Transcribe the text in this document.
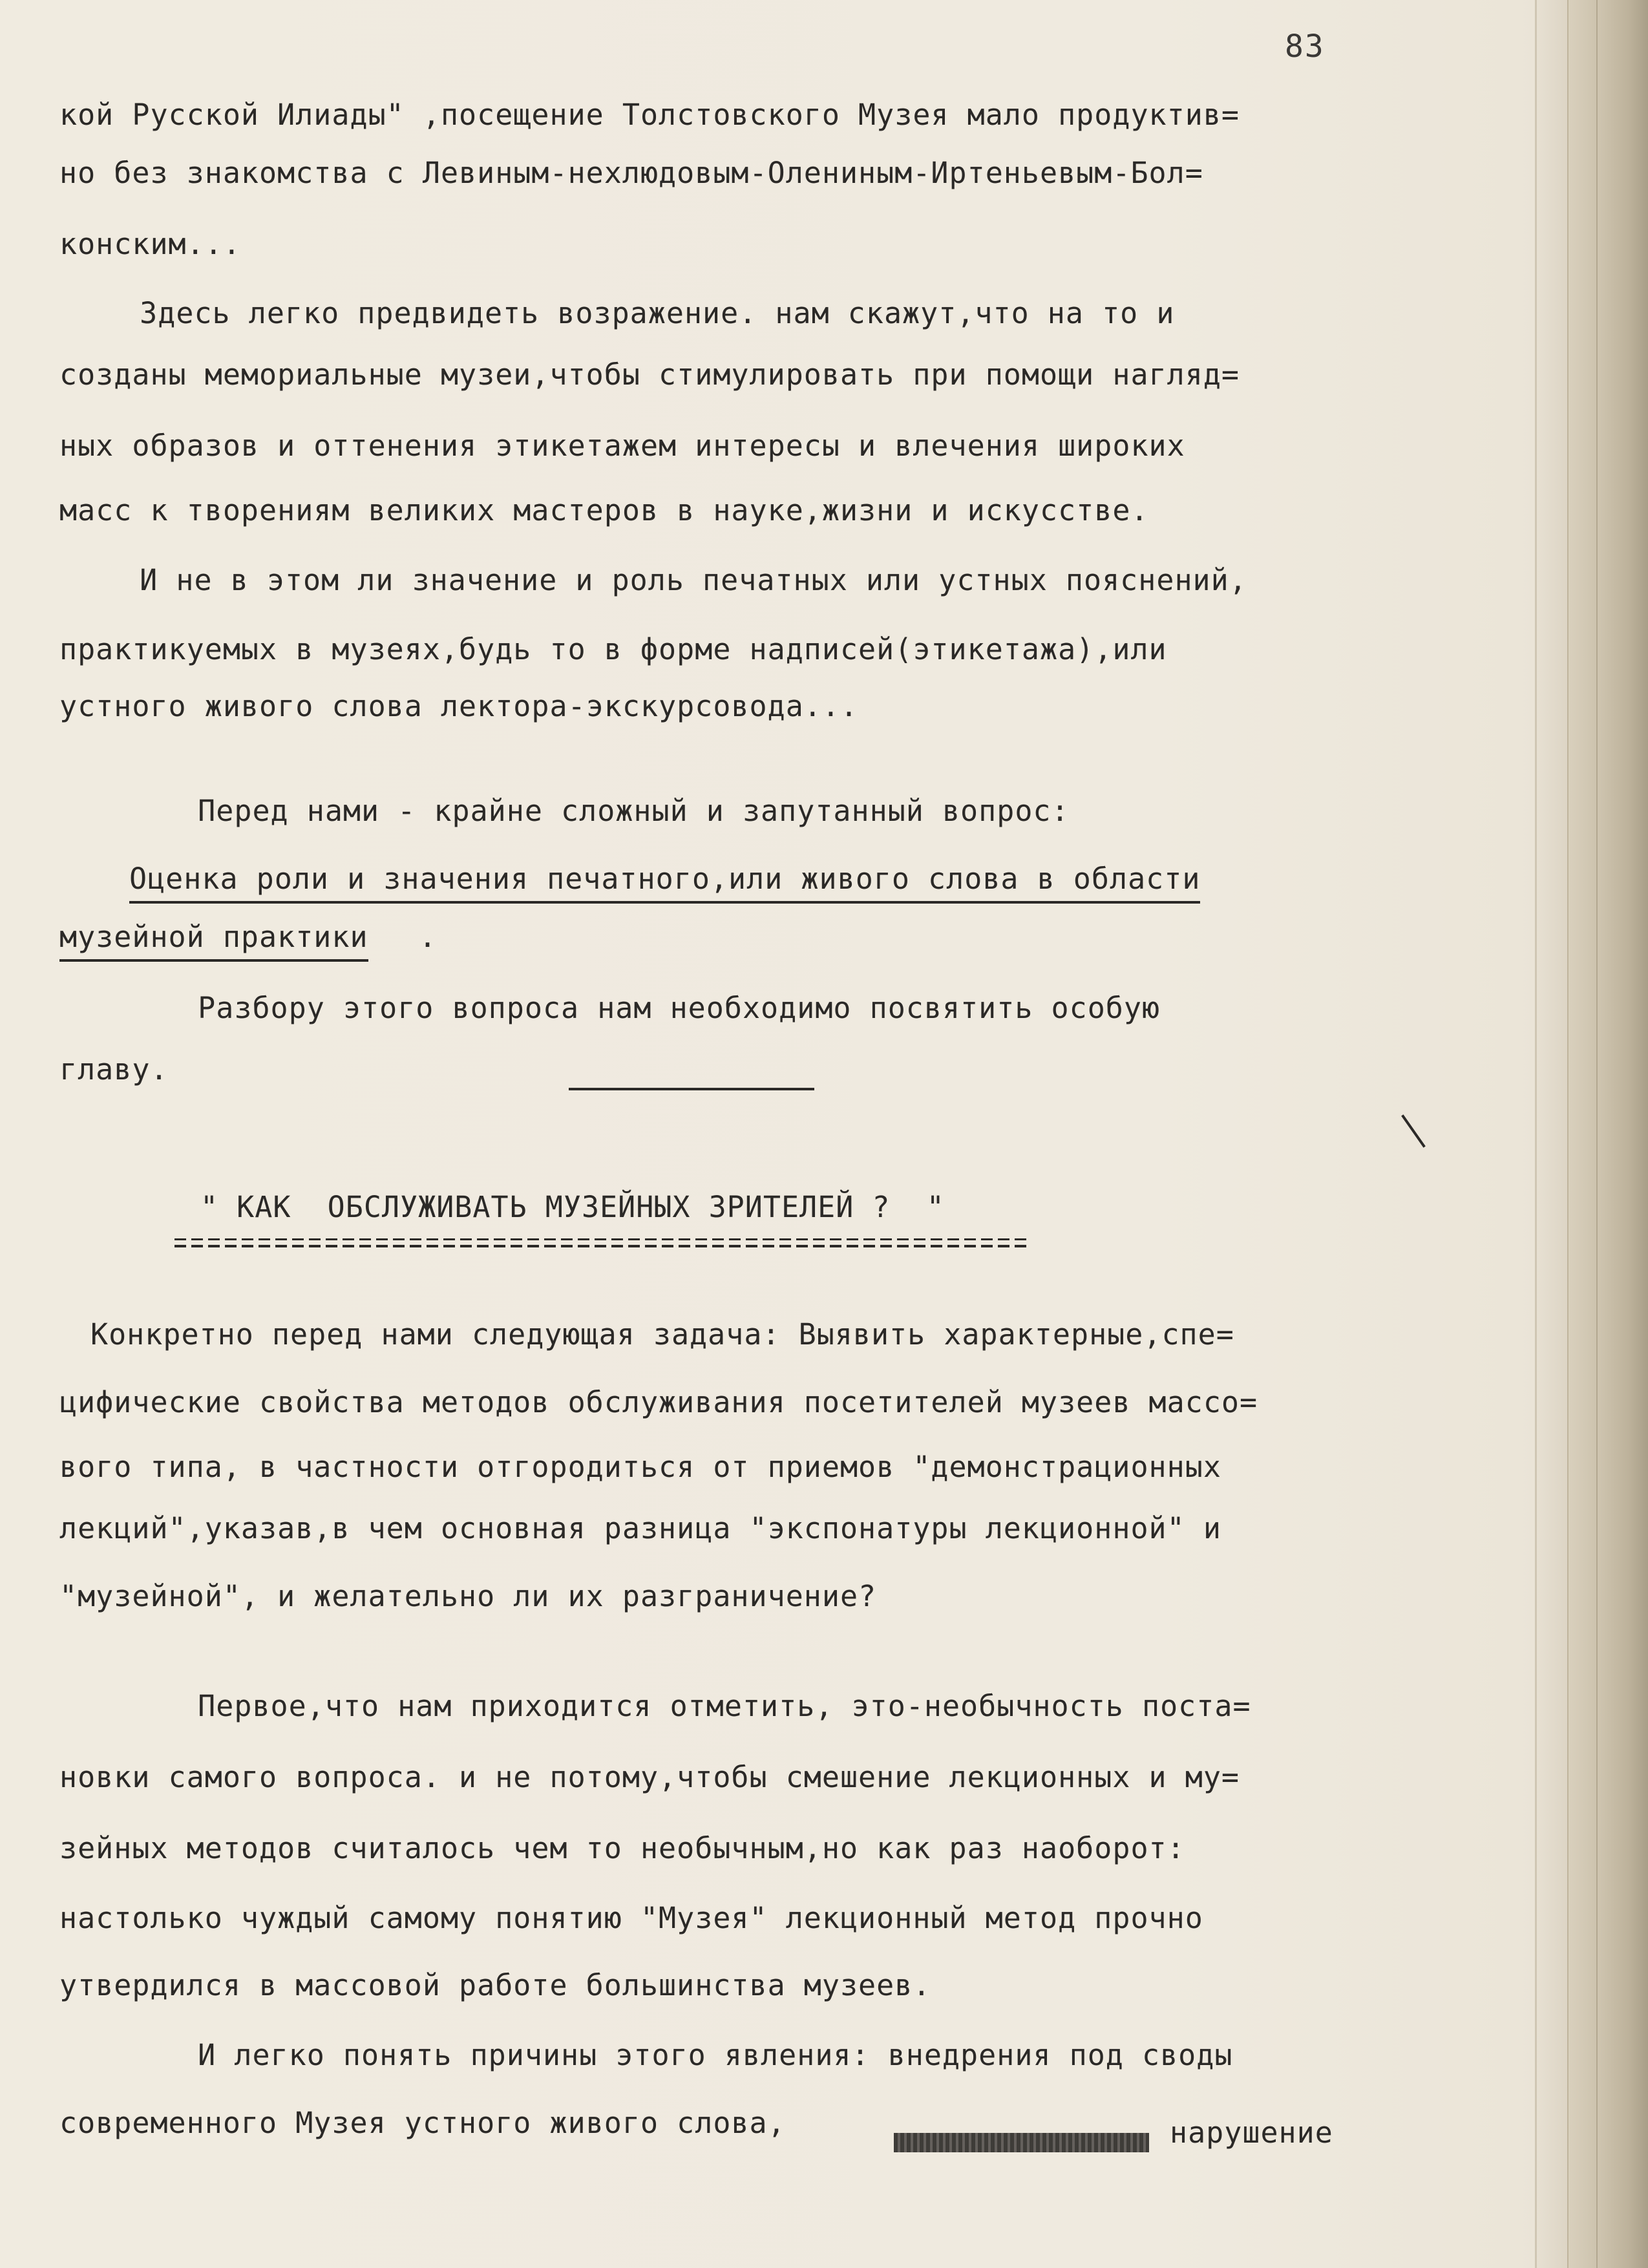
83
кой Русской Илиады" ,посещение Толстовского Музея мало продуктив=
но без знакомства с Левиным-нехлюдовым-Олениным-Иртеньевым-Бол=
конским...
Здесь легко предвидеть возражение. нам скажут,что на то и
созданы мемориальные музеи,чтобы стимулировать при помощи нагляд=
ных образов и оттенения этикетажем интересы и влечения широких
масс к творениям великих мастеров в науке,жизни и искусстве.
И не в этом ли значение и роль печатных или устных пояснений,
практикуемых в музеях,будь то в форме надписей(этикетажа),или
устного живого слова лектора-экскурсовода...
Перед нами - крайне сложный и запутанный вопрос:
Оценка роли и значения печатного,или живого слова в области
музейной практики .
Разбору этого вопроса нам необходимо посвятить особую
главу.
" КАК  ОБСЛУЖИВАТЬ МУЗЕЙНЫХ ЗРИТЕЛЕЙ ?  "
Конкретно перед нами следующая задача: Выявить характерные,спе=
цифические свойства методов обслуживания посетителей музеев массо=
вого типа, в частности отгородиться от приемов "демонстрационных
лекций",указав,в чем основная разница "экспонатуры лекционной" и
"музейной", и желательно ли их разграничение?
Первое,что нам приходится отметить, это-необычность поста=
новки самого вопроса. и не потому,чтобы смешение лекционных и му=
зейных методов считалось чем то необычным,но как раз наоборот:
настолько чуждый самому понятию "Музея" лекционный метод прочно
утвердился в массовой работе большинства музеев.
И легко понять причины этого явления: внедрения под своды
современного Музея устного живого слова,	нарушение
